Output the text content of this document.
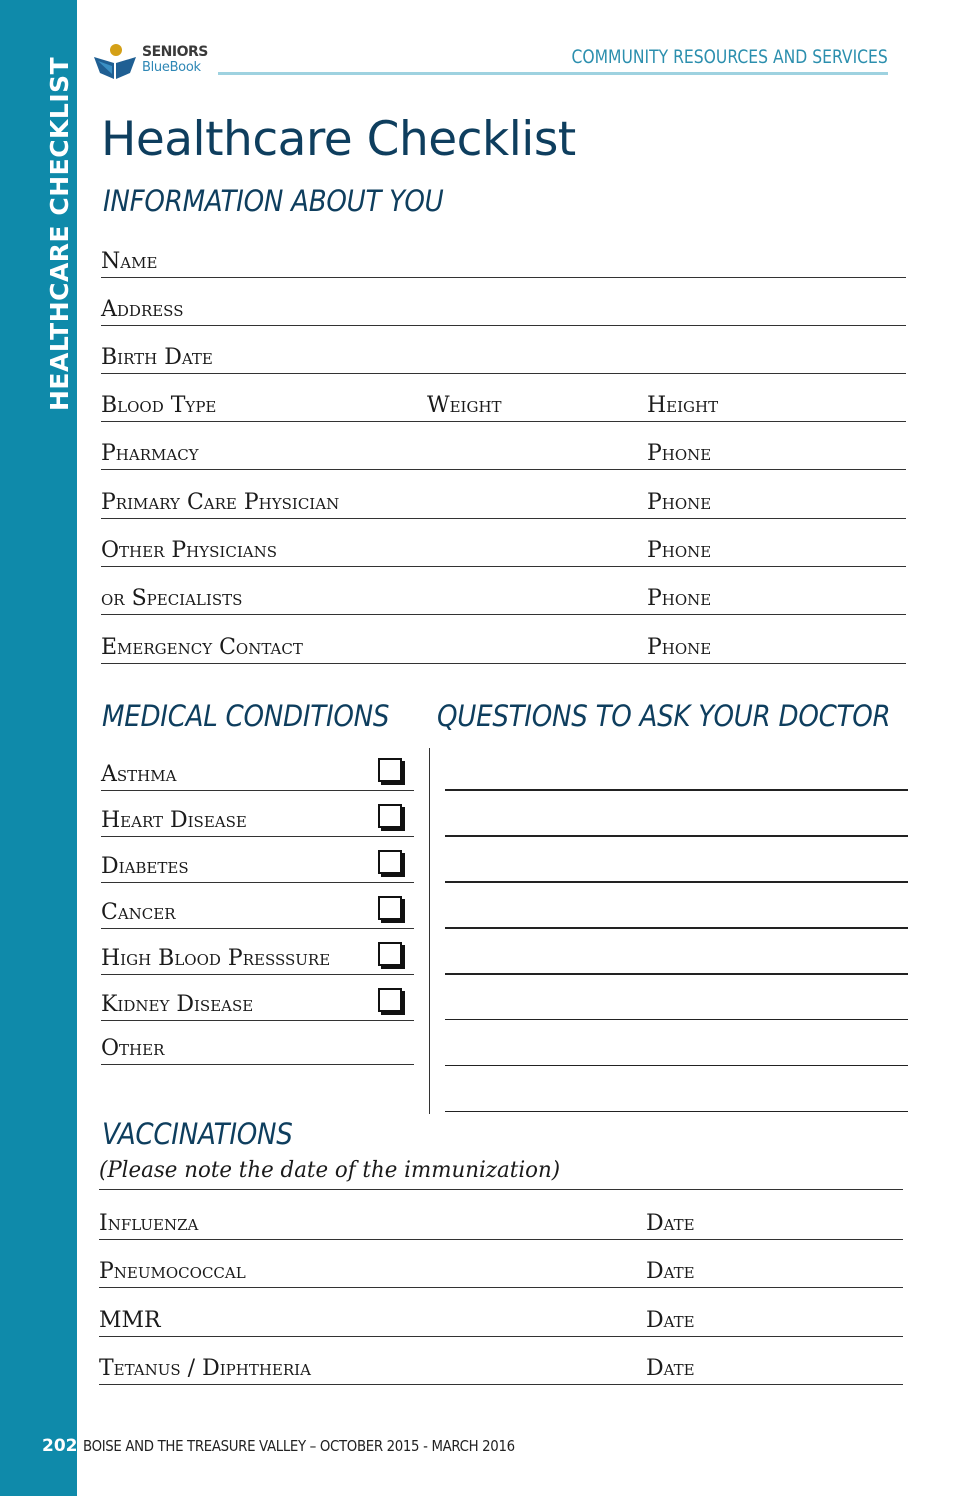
HEALTHCARE CHECKLIST
202
SENIORS
BlueBook	COMMUNITY RESOURCES AND SERVICES
Healthcare Checklist
INFORMATION ABOUT YOU
Name
Address
Birth Date
Blood Type	Weight	Height
Pharmacy	Phone
Primary Care Physician	Phone
Other Physicians	Phone
or Specialists	Phone
Emergency Contact	Phone
MEDICAL CONDITIONS QUESTIONS TO ASK YOUR DOCTOR
Asthma
Heart Disease
Diabetes
Cancer
High Blood Presssure
Kidney Disease
Other
VACCINATIONS
(Please note the date of the immunization)
Influenza	Date
Pneumococcal	Date
MMR	Date
Tetanus / Diphtheria	Date
BOISE AND THE TREASURE VALLEY – OCTOBER 2015 - MARCH 2016
